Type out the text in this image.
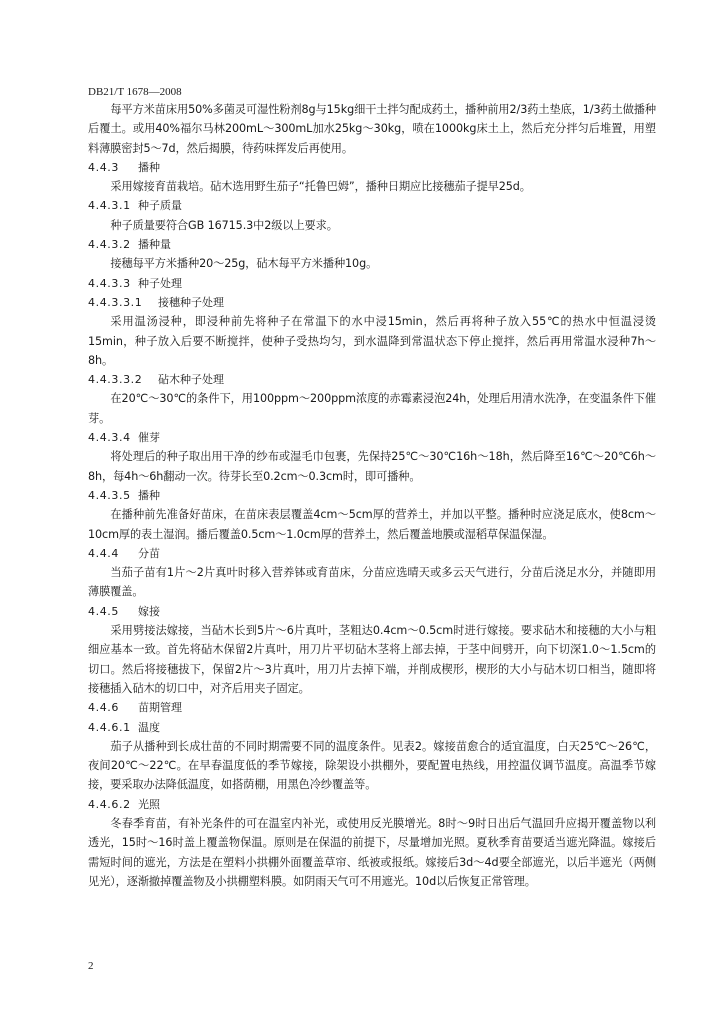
DB21/T 1678—2008
每平方米苗床用50%多菌灵可湿性粉剂8g与15kg细干土拌匀配成药土，播种前用2/3药土垫底，1/3药土做播种后覆土。或用40%福尔马林200mL～300mL加水25kg～30kg，喷在1000kg床土上，然后充分拌匀后堆置，用塑料薄膜密封5～7d，然后揭膜，待药味挥发后再使用。
4.4.3 播种
采用嫁接育苗栽培。砧木选用野生茄子“托鲁巴姆”，播种日期应比接穗茄子提早25d。
4.4.3.1 种子质量
种子质量要符合GB 16715.3中2级以上要求。
4.4.3.2 播种量
接穗每平方米播种20～25g，砧木每平方米播种10g。
4.4.3.3 种子处理
4.4.3.3.1 接穗种子处理
采用温汤浸种，即浸种前先将种子在常温下的水中浸15min，然后再将种子放入55℃的热水中恒温浸烫15min，种子放入后要不断搅拌，使种子受热均匀，到水温降到常温状态下停止搅拌，然后再用常温水浸种7h～8h。
4.4.3.3.2 砧木种子处理
在20℃～30℃的条件下，用100ppm～200ppm浓度的赤霉素浸泡24h，处理后用清水洗净，在变温条件下催芽。
4.4.3.4 催芽
将处理后的种子取出用干净的纱布或湿毛巾包裹，先保持25℃～30℃16h～18h，然后降至16℃～20℃6h～8h，每4h～6h翻动一次。待芽长至0.2cm～0.3cm时，即可播种。
4.4.3.5 播种
在播种前先准备好苗床，在苗床表层覆盖4cm～5cm厚的营养土，并加以平整。播种时应浇足底水，使8cm～10cm厚的表土湿润。播后覆盖0.5cm～1.0cm厚的营养土，然后覆盖地膜或湿稻草保温保湿。
4.4.4 分苗
当茄子苗有1片～2片真叶时移入营养钵或育苗床，分苗应选晴天或多云天气进行，分苗后浇足水分，并随即用薄膜覆盖。
4.4.5 嫁接
采用劈接法嫁接，当砧木长到5片～6片真叶，茎粗达0.4cm～0.5cm时进行嫁接。要求砧木和接穗的大小与粗细应基本一致。首先将砧木保留2片真叶，用刀片平切砧木茎将上部去掉，于茎中间劈开，向下切深1.0～1.5cm的切口。然后将接穗拔下，保留2片～3片真叶，用刀片去掉下端，并削成楔形，楔形的大小与砧木切口相当，随即将接穗插入砧木的切口中，对齐后用夹子固定。
4.4.6 苗期管理
4.4.6.1 温度
茄子从播种到长成壮苗的不同时期需要不同的温度条件。见表2。嫁接苗愈合的适宜温度，白天25℃～26℃，夜间20℃～22℃。在早春温度低的季节嫁接，除架设小拱棚外，要配置电热线，用控温仪调节温度。高温季节嫁接，要采取办法降低温度，如搭荫棚，用黑色冷纱覆盖等。
4.4.6.2 光照
冬春季育苗，有补光条件的可在温室内补光，或使用反光膜增光。8时～9时日出后气温回升应揭开覆盖物以利透光，15时～16时盖上覆盖物保温。原则是在保温的前提下，尽量增加光照。夏秋季育苗要适当遮光降温。嫁接后需短时间的遮光，方法是在塑料小拱棚外面覆盖草帘、纸被或报纸。嫁接后3d～4d要全部遮光，以后半遮光（两侧见光），逐渐撤掉覆盖物及小拱棚塑料膜。如阴雨天气可不用遮光。10d以后恢复正常管理。
2
